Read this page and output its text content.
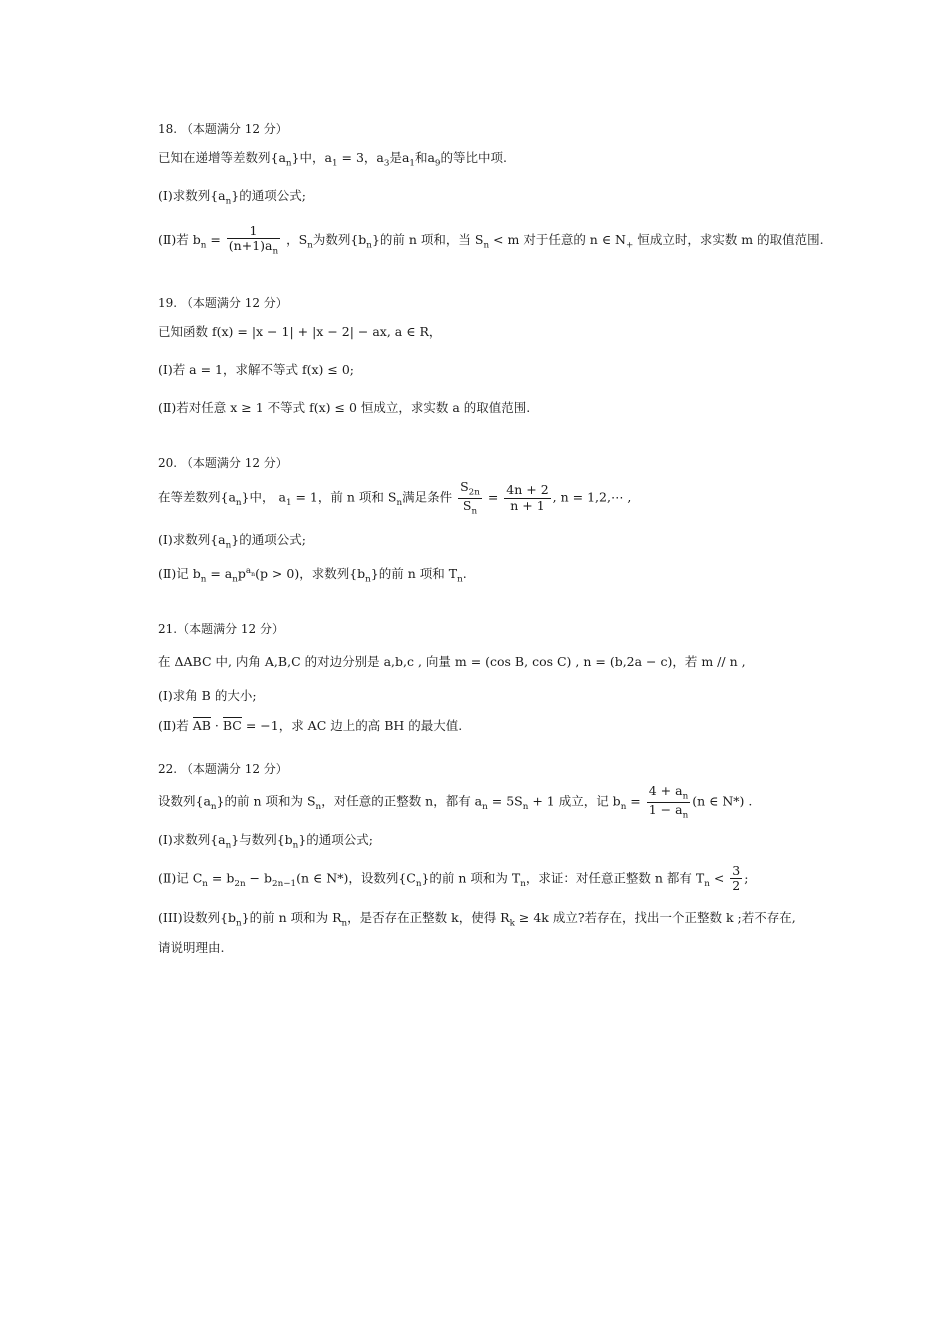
18. （本题满分 12 分）
已知在递增等差数列$\{a_n\}$中，$a_1 = 3$，$a_3$是$a_1$和$a_9$的等比中项.
(Ⅰ)求数列$\{a_n\}$的通项公式;
(Ⅱ)若 $b_n = \frac{1}{(n+1)a_n}$ ，$S_n$为数列$\{b_n\}$的前 n 项和，当 $S_n < m$ 对于任意的 n ∈ $N_+$ 恒成立时，求实数 m 的取值范围.
19. （本题满分 12 分）
已知函数 f(x) = |x − 1| + |x − 2| − ax, a ∈ R，
(Ⅰ)若 a = 1，求解不等式 f(x) ≤ 0;
(Ⅱ)若对任意 x ≥ 1 不等式 f(x) ≤ 0 恒成立，求实数 a 的取值范围.
20. （本题满分 12 分）
在等差数列$\{a_n\}$中， $a_1 = 1$，前 n 项和 $S_n$满足条件 $\frac{S_{2n}}{S_n} = \frac{4n + 2}{n + 1}$ , n = 1,2,⋯ ,
(Ⅰ)求数列$\{a_n\}$的通项公式;
(Ⅱ)记 $b_n = a_np^{a_n}(p > 0)$，求数列$\{b_n\}$的前 n 项和 $T_n$.
21.（本题满分 12 分）
在 ΔABC 中, 内角 A,B,C 的对边分别是 a,b,c , 向量 m = (cos B, cos C) , n = (b,2a − c)，若 m // n ,
(Ⅰ)求角 B 的大小;
(Ⅱ)若 AB · BC = −1，求 AC 边上的高 BH 的最大值.
22. （本题满分 12 分）
设数列$\{a_n\}$的前 n 项和为 $S_n$，对任意的正整数 n，都有 $a_n = 5S_n + 1$ 成立，记 $b_n = \frac{4 + a_n}{1 - a_n} (n$ ∈ N*) .
(Ⅰ)求数列$\{a_n\}$与数列$\{b_n\}$的通项公式;
(Ⅱ)记 $C_n = b_{2n} - b_{2n-1}(n$ ∈ N*)，设数列$\{C_n\}$的前 n 项和为 $T_n$，求证：对任意正整数 n 都有 $T_n < \frac{3}{2}$ ;
(III)设数列$\{b_n\}$的前 n 项和为 $R_n$，是否存在正整数 k，使得 $R_k \ge 4k$ 成立?若存在，找出一个正整数 k ;若不存在,
请说明理由.
